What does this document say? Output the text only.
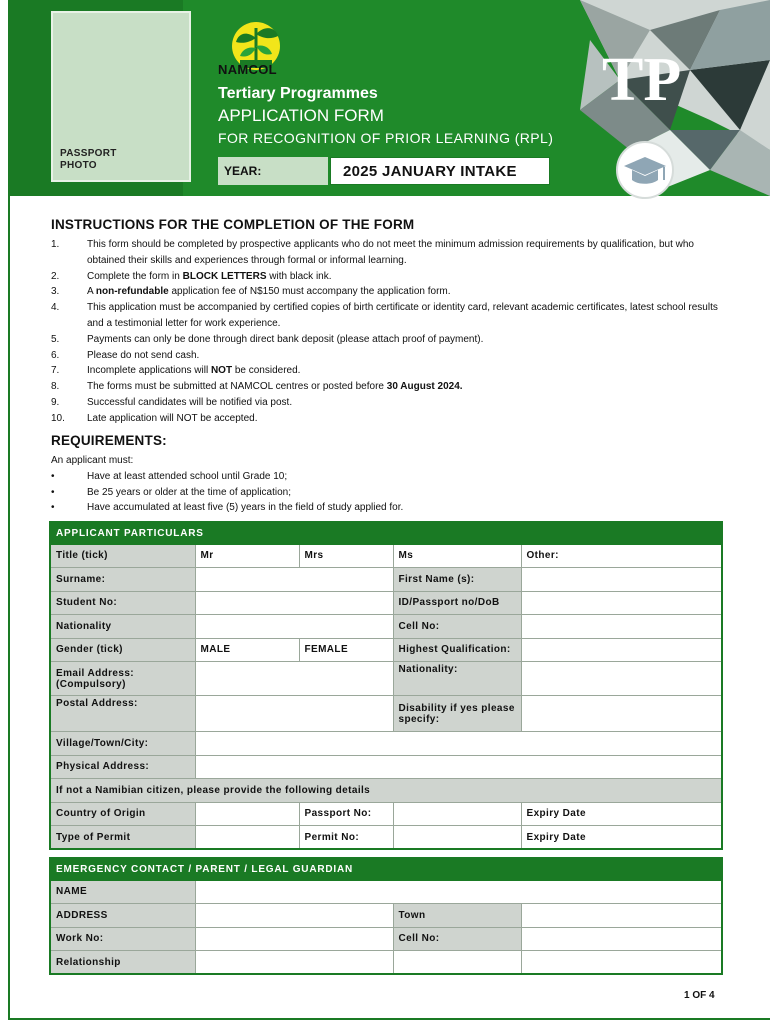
TP
PASSPORT
PHOTO
NAMCOL
Tertiary Programmes
APPLICATION FORM
FOR RECOGNITION OF PRIOR LEARNING (RPL)
YEAR:	2025 JANUARY INTAKE
INSTRUCTIONS FOR THE COMPLETION OF THE FORM
1.	This form should be completed by prospective applicants who do not meet the minimum admission requirements by qualification, but who obtained their skills and experiences through formal or informal learning.
2.	Complete the form in BLOCK LETTERS with black ink.
3.	A non-refundable application fee of N$150 must accompany the application form.
4.	This application must be accompanied by certified copies of birth certificate or identity card, relevant academic certificates, latest school results and a testimonial letter for work experience.
5.	Payments can only be done through direct bank deposit (please attach proof of payment).
6.	Please do not send cash.
7.	Incomplete applications will NOT be considered.
8.	The forms must be submitted at NAMCOL centres or posted before 30 August 2024.
9.	Successful candidates will be notified via post.
10.	Late application will NOT be accepted.
REQUIREMENTS:
An applicant must:
•	Have at least attended school until Grade 10;
•	Be 25 years or older at the time of application;
•	Have accumulated at least five (5) years in the field of study applied for.
APPLICANT PARTICULARS				
Title (tick)	Mr	Mrs	Ms	Other:
Surname:			First Name (s):	
Student No:			ID/Passport no/DoB	
Nationality			Cell No:	
Gender (tick)	MALE	FEMALE	Highest Qualification:	

Email Address:
(Compulsory)			Nationality:	
Postal Address:			Disability if yes please
specify:	

Village/Town/City:				
Physical Address:				
If not a Namibian citizen, please provide the following details				
Country of Origin		Passport No:		Expiry Date
Type of Permit		Permit No:		Expiry Date
EMERGENCY CONTACT / PARENT / LEGAL GUARDIAN			
NAME			
ADDRESS		Town	
Work No:		Cell No:	
Relationship			
1 OF 4
